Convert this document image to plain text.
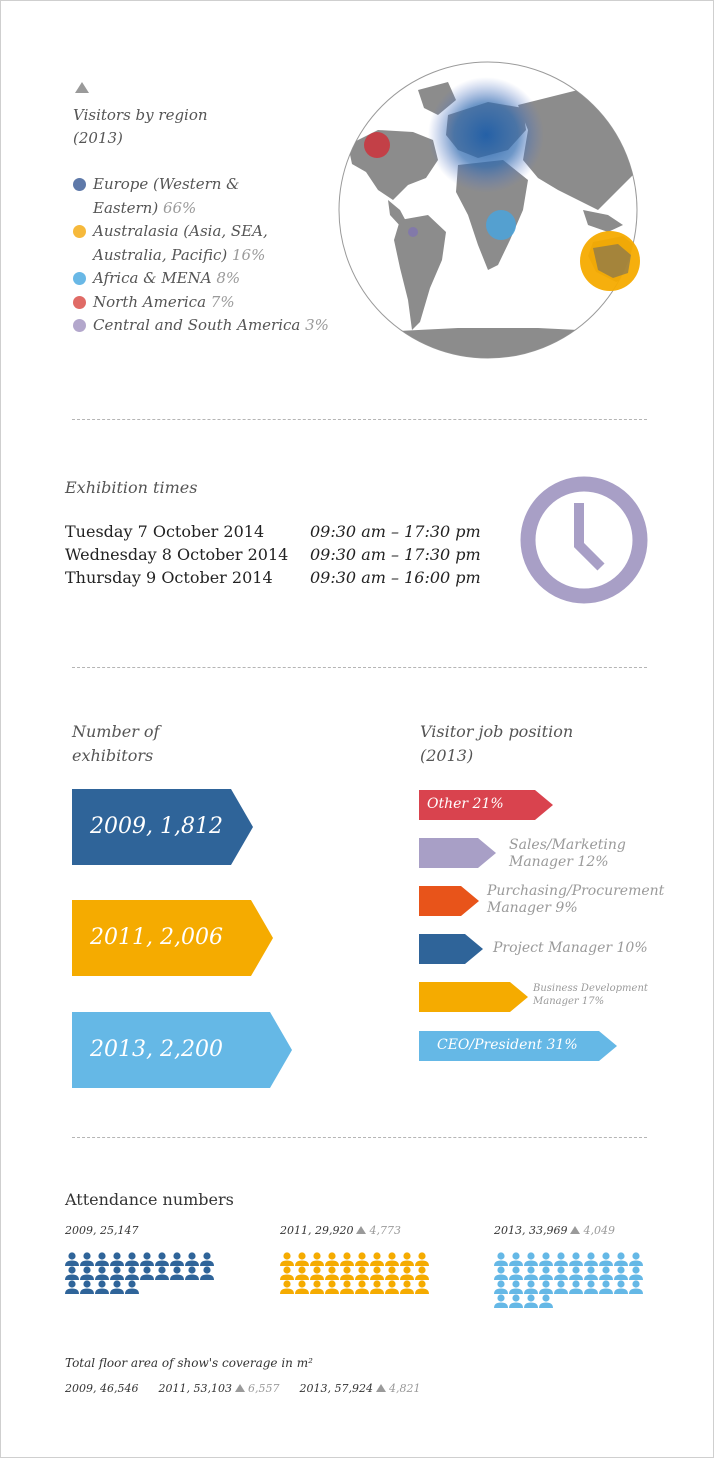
Visitors by region (2013)
Europe (Western & Eastern) 66%
Australasia (Asia, SEA, Australia, Pacific) 16%
Africa & MENA 8%
North America 7%
Central and South America 3%
Exhibition times
Tuesday 7 October 2014	09:30 am – 17:30 pm
Wednesday 8 October 2014	09:30 am – 17:30 pm
Thursday 9 October 2014	09:30 am – 16:00 pm
Number of exhibitors
2009, 1,812
2011, 2,006
2013, 2,200
Visitor job position (2013)
Other 21%
Sales/Marketing Manager 12%
Purchasing/Procurement Manager 9%
Project Manager 10%
Business Development Manager 17%
CEO/President 31%
Attendance numbers
2009, 25,147	2011, 29,920 4,773	2013, 33,969 4,049
Total floor area of show's coverage in m²
2009, 46,546 2011, 53,103 6,557 2013, 57,924 4,821
